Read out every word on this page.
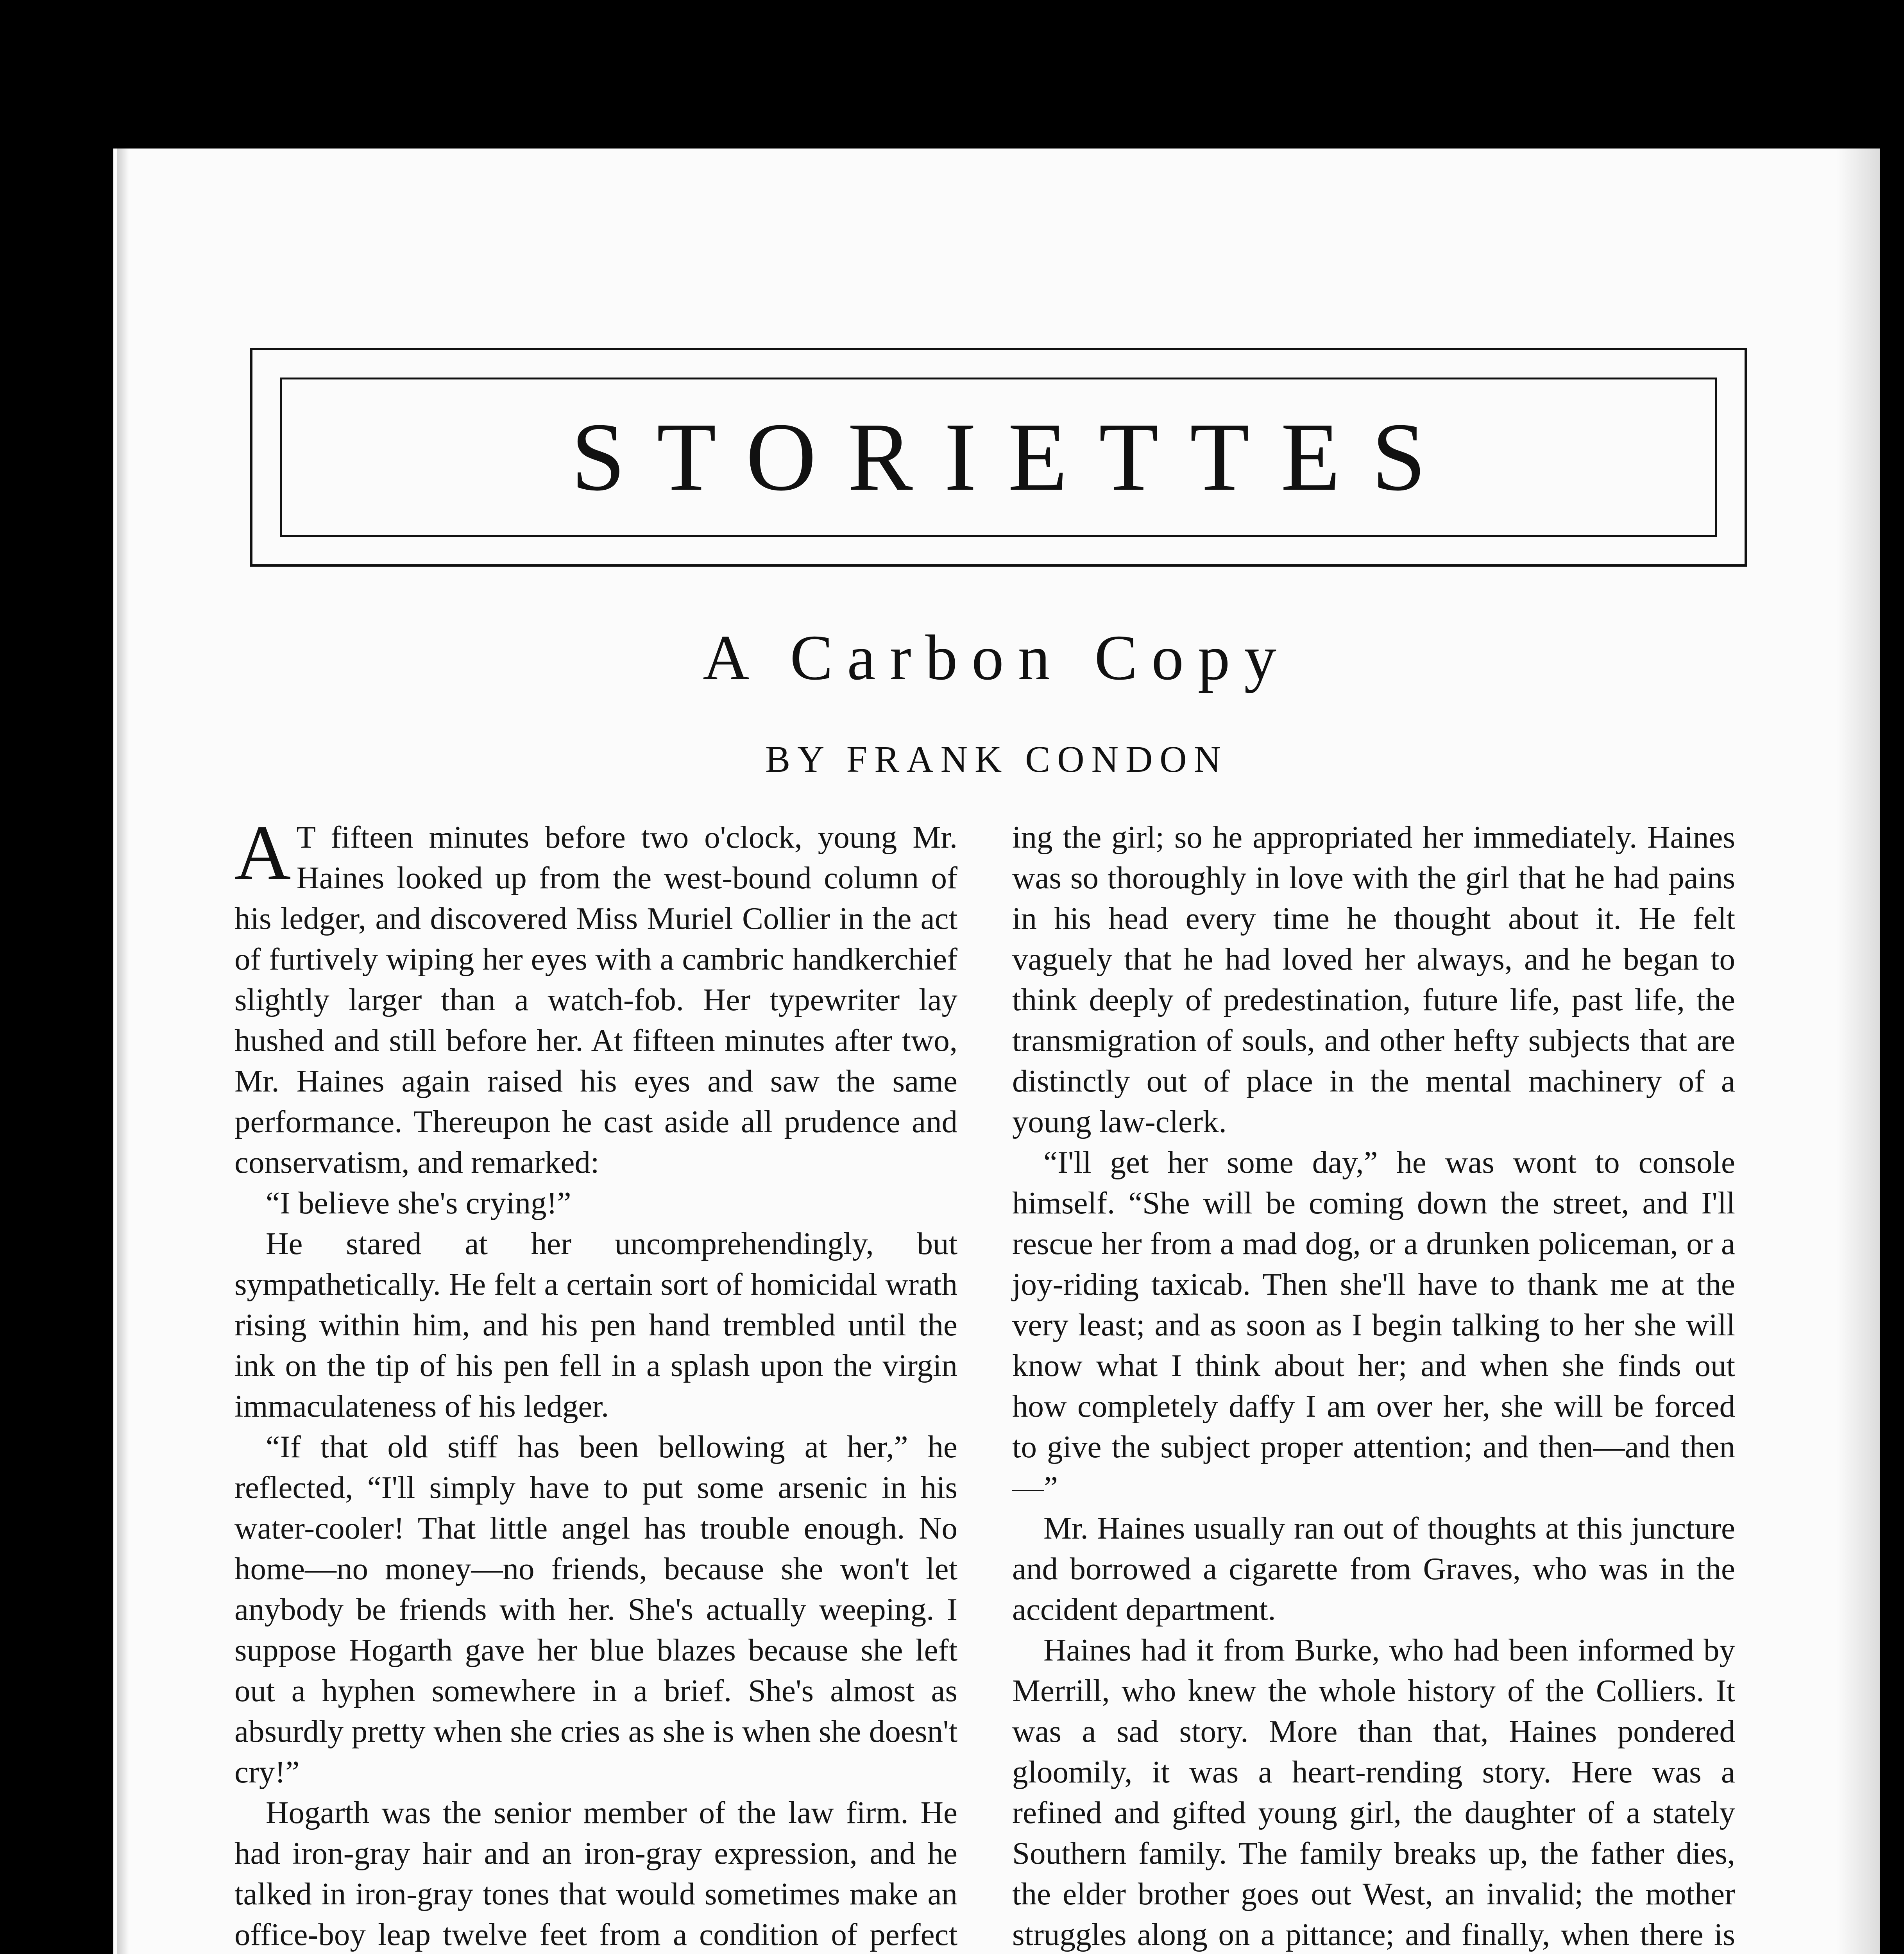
STORIETTES
A Carbon Copy
BY FRANK CONDON

A T fifteen minutes before two o'clock, young Mr. Haines looked up from the west-bound column of his ledger, and discovered Miss Muriel Collier in the act of furtively wiping her eyes with a cambric handkerchief slightly larger than a watch-fob. Her typewriter lay hushed and still before her. At fifteen minutes after two, Mr. Haines again raised his eyes and saw the same performance. Thereupon he cast aside all prudence and conservatism, and remarked:

“I believe she's crying!”

He stared at her uncomprehendingly, but sympathetically. He felt a certain sort of homicidal wrath rising within him, and his pen hand trembled until the ink on the tip of his pen fell in a splash upon the virgin immaculateness of his ledger.

“If that old stiff has been bellowing at her,” he reflected, “I'll simply have to put some arsenic in his water-cooler! That little angel has trouble enough. No home—no money—no friends, because she won't let anybody be friends with her. She's actually weeping. I suppose Hogarth gave her blue blazes because she left out a hyphen somewhere in a brief. She's almost as absurdly pretty when she cries as she is when she doesn't cry!”

Hogarth was the senior member of the law firm. He had iron-gray hair and an iron-gray expression, and he talked in iron-gray tones that would sometimes make an office-boy leap twelve feet from a condition of perfect

ing the girl; so he appropriated her immediately. Haines was so thoroughly in love with the girl that he had pains in his head every time he thought about it. He felt vaguely that he had loved her always, and he began to think deeply of predestination, future life, past life, the transmigration of souls, and other hefty subjects that are distinctly out of place in the mental machinery of a young law-clerk.

“I'll get her some day,” he was wont to console himself. “She will be coming down the street, and I'll rescue her from a mad dog, or a drunken policeman, or a joy-riding taxicab. Then she'll have to thank me at the very least; and as soon as I begin talking to her she will know what I think about her; and when she finds out how completely daffy I am over her, she will be forced to give the subject proper attention; and then—and then—”

Mr. Haines usually ran out of thoughts at this juncture and borrowed a cigarette from Graves, who was in the accident department.

Haines had it from Burke, who had been informed by Merrill, who knew the whole history of the Colliers. It was a sad story. More than that, Haines pondered gloomily, it was a heart-rending story. Here was a refined and gifted young girl, the daughter of a stately Southern family. The family breaks up, the father dies, the elder brother goes out West, an invalid; the mother struggles along on a pittance; and finally, when there is
